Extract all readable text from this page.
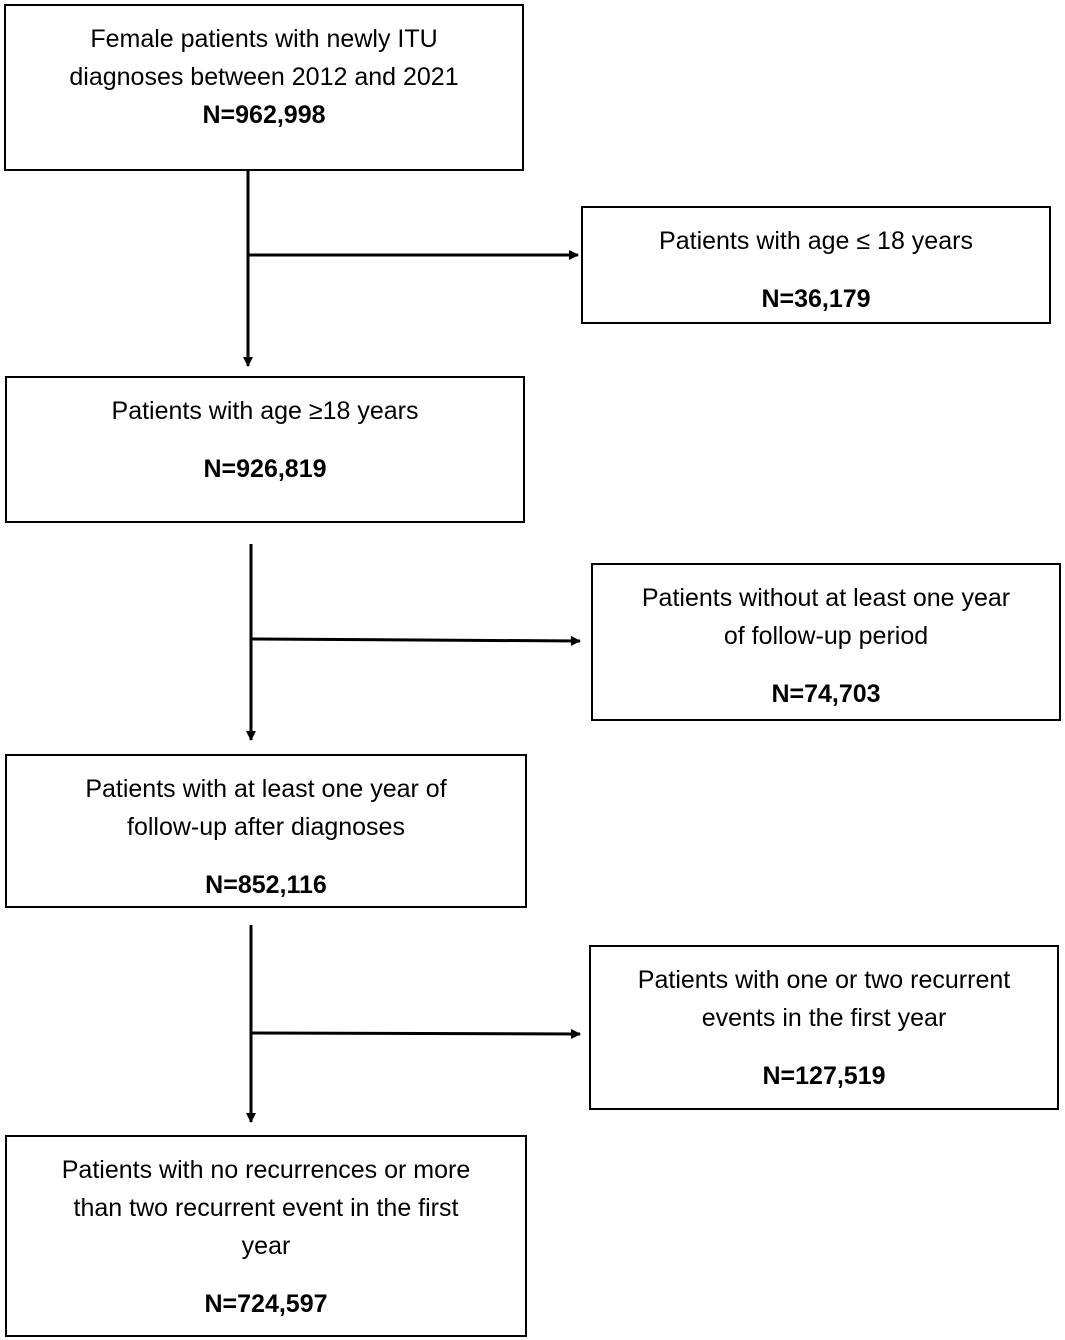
Female patients with newly ITU
diagnoses between 2012 and 2021
N=962,998
Patients with age ≥18 years
N=926,819
Patients with at least one year of
follow-up after diagnoses
N=852,116
Patients with no recurrences or more
than two recurrent event in the first
year
N=724,597
Patients with age ≤ 18 years
N=36,179
Patients without at least one year
of follow-up period
N=74,703
Patients with one or two recurrent
events in the first year
N=127,519
